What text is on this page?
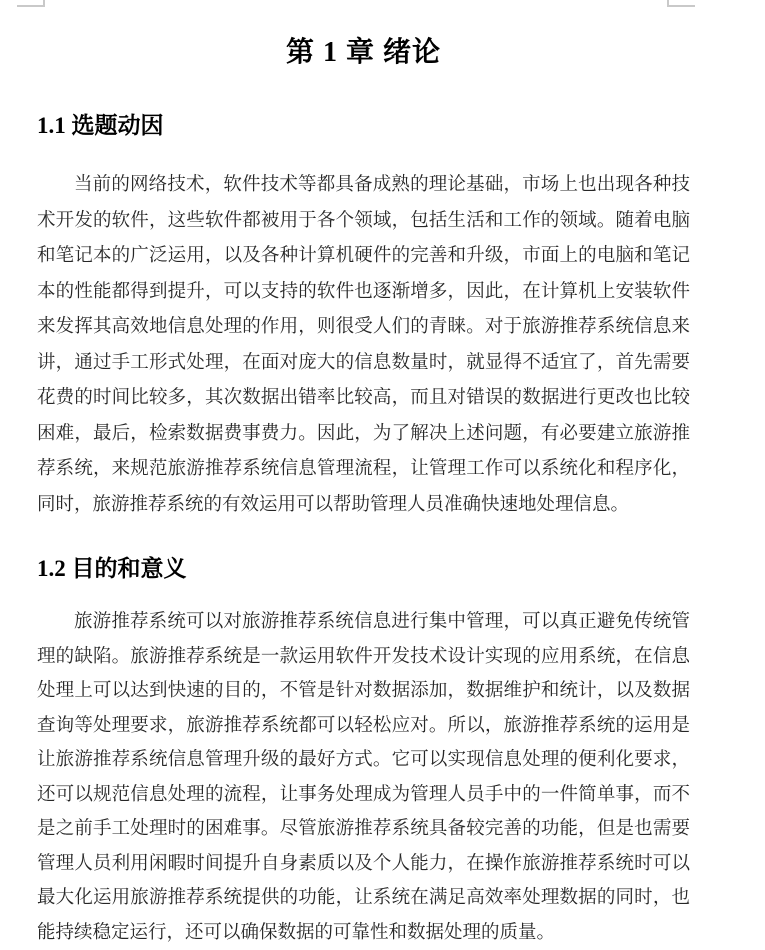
第 1 章 绪论
1.1 选题动因
当前的网络技术，软件技术等都具备成熟的理论基础，市场上也出现各种技
术开发的软件，这些软件都被用于各个领域，包括生活和工作的领域。随着电脑
和笔记本的广泛运用，以及各种计算机硬件的完善和升级，市面上的电脑和笔记
本的性能都得到提升，可以支持的软件也逐渐增多，因此，在计算机上安装软件
来发挥其高效地信息处理的作用，则很受人们的青睐。对于旅游推荐系统信息来
讲，通过手工形式处理，在面对庞大的信息数量时，就显得不适宜了，首先需要
花费的时间比较多，其次数据出错率比较高，而且对错误的数据进行更改也比较
困难，最后，检索数据费事费力。因此，为了解决上述问题，有必要建立旅游推
荐系统，来规范旅游推荐系统信息管理流程，让管理工作可以系统化和程序化，
同时，旅游推荐系统的有效运用可以帮助管理人员准确快速地处理信息。
1.2 目的和意义
旅游推荐系统可以对旅游推荐系统信息进行集中管理，可以真正避免传统管
理的缺陷。旅游推荐系统是一款运用软件开发技术设计实现的应用系统，在信息
处理上可以达到快速的目的，不管是针对数据添加，数据维护和统计，以及数据
查询等处理要求，旅游推荐系统都可以轻松应对。所以，旅游推荐系统的运用是
让旅游推荐系统信息管理升级的最好方式。它可以实现信息处理的便利化要求，
还可以规范信息处理的流程，让事务处理成为管理人员手中的一件简单事，而不
是之前手工处理时的困难事。尽管旅游推荐系统具备较完善的功能，但是也需要
管理人员利用闲暇时间提升自身素质以及个人能力，在操作旅游推荐系统时可以
最大化运用旅游推荐系统提供的功能，让系统在满足高效率处理数据的同时，也
能持续稳定运行，还可以确保数据的可靠性和数据处理的质量。
